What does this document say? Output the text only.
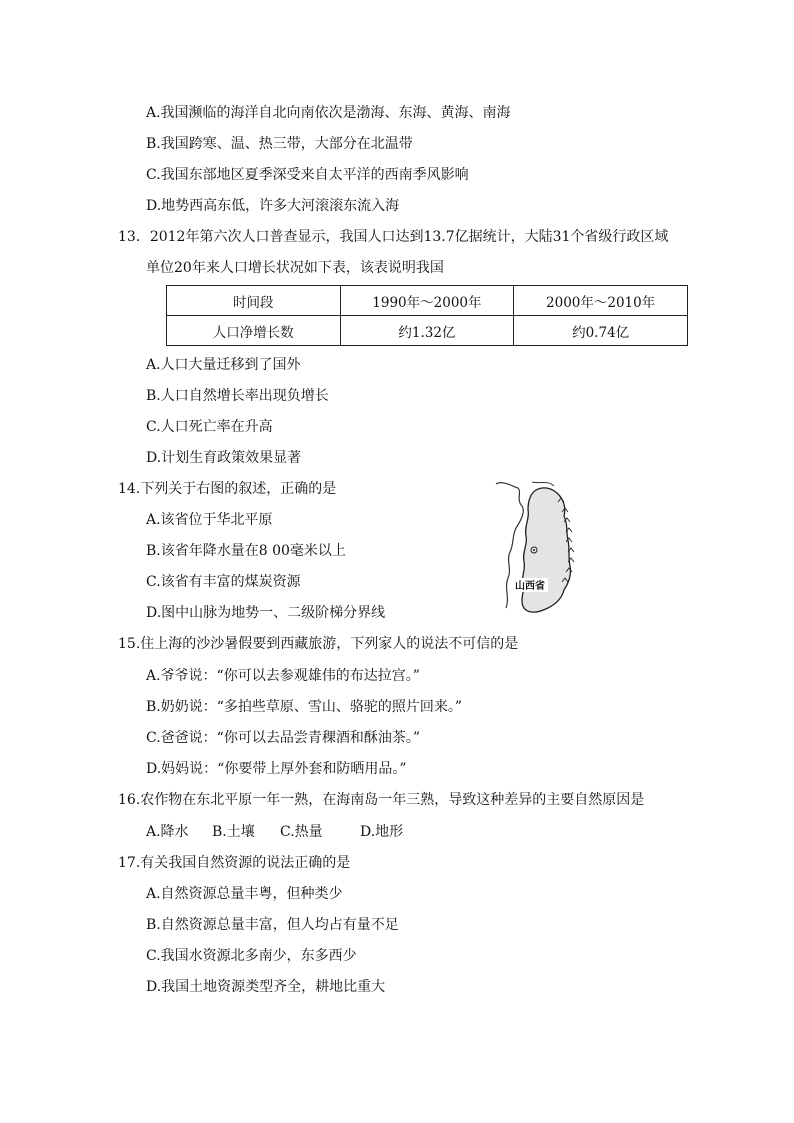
A.我国濒临的海洋自北向南依次是渤海、东海、黄海、南海
B.我国跨寒、温、热三带，大部分在北温带
C.我国东部地区夏季深受来自太平洋的西南季风影响
D.地势西高东低，许多大河滚滚东流入海
13．2012年第六次人口普查显示，我国人口达到13.7亿据统计，大陆31个省级行政区域
单位20年来人口增长状况如下表，该表说明我国
时间段	1990年～2000年	2000年～2010年
人口净增长数	约1.32亿	约0.74亿
A.人口大量迁移到了国外
B.人口自然增长率出现负增长
C.人口死亡率在升高
D.计划生育政策效果显著
14.下列关于右图的叙述，正确的是
A.该省位于华北平原
B.该省年降水量在8 00毫米以上
C.该省有丰富的煤炭资源
D.图中山脉为地势一、二级阶梯分界线
山西省
15.住上海的沙沙暑假要到西藏旅游，下列家人的说法不可信的是
A.爷爷说：“你可以去参观雄伟的布达拉宫。”
B.奶奶说：“多拍些草原、雪山、骆驼的照片回来。”
C.爸爸说：“你可以去品尝青稞酒和酥油茶。”
D.妈妈说：“你要带上厚外套和防晒用品。”
16.农作物在东北平原一年一熟，在海南岛一年三熟，导致这种差异的主要自然原因是
A.降水 B.土壤 C.热量	D.地形
17.有关我国自然资源的说法正确的是
A.自然资源总量丰粤，但种类少
B.自然资源总量丰富，但人均占有量不足
C.我国水资源北多南少，东多西少
D.我国土地资源类型齐全，耕地比重大
